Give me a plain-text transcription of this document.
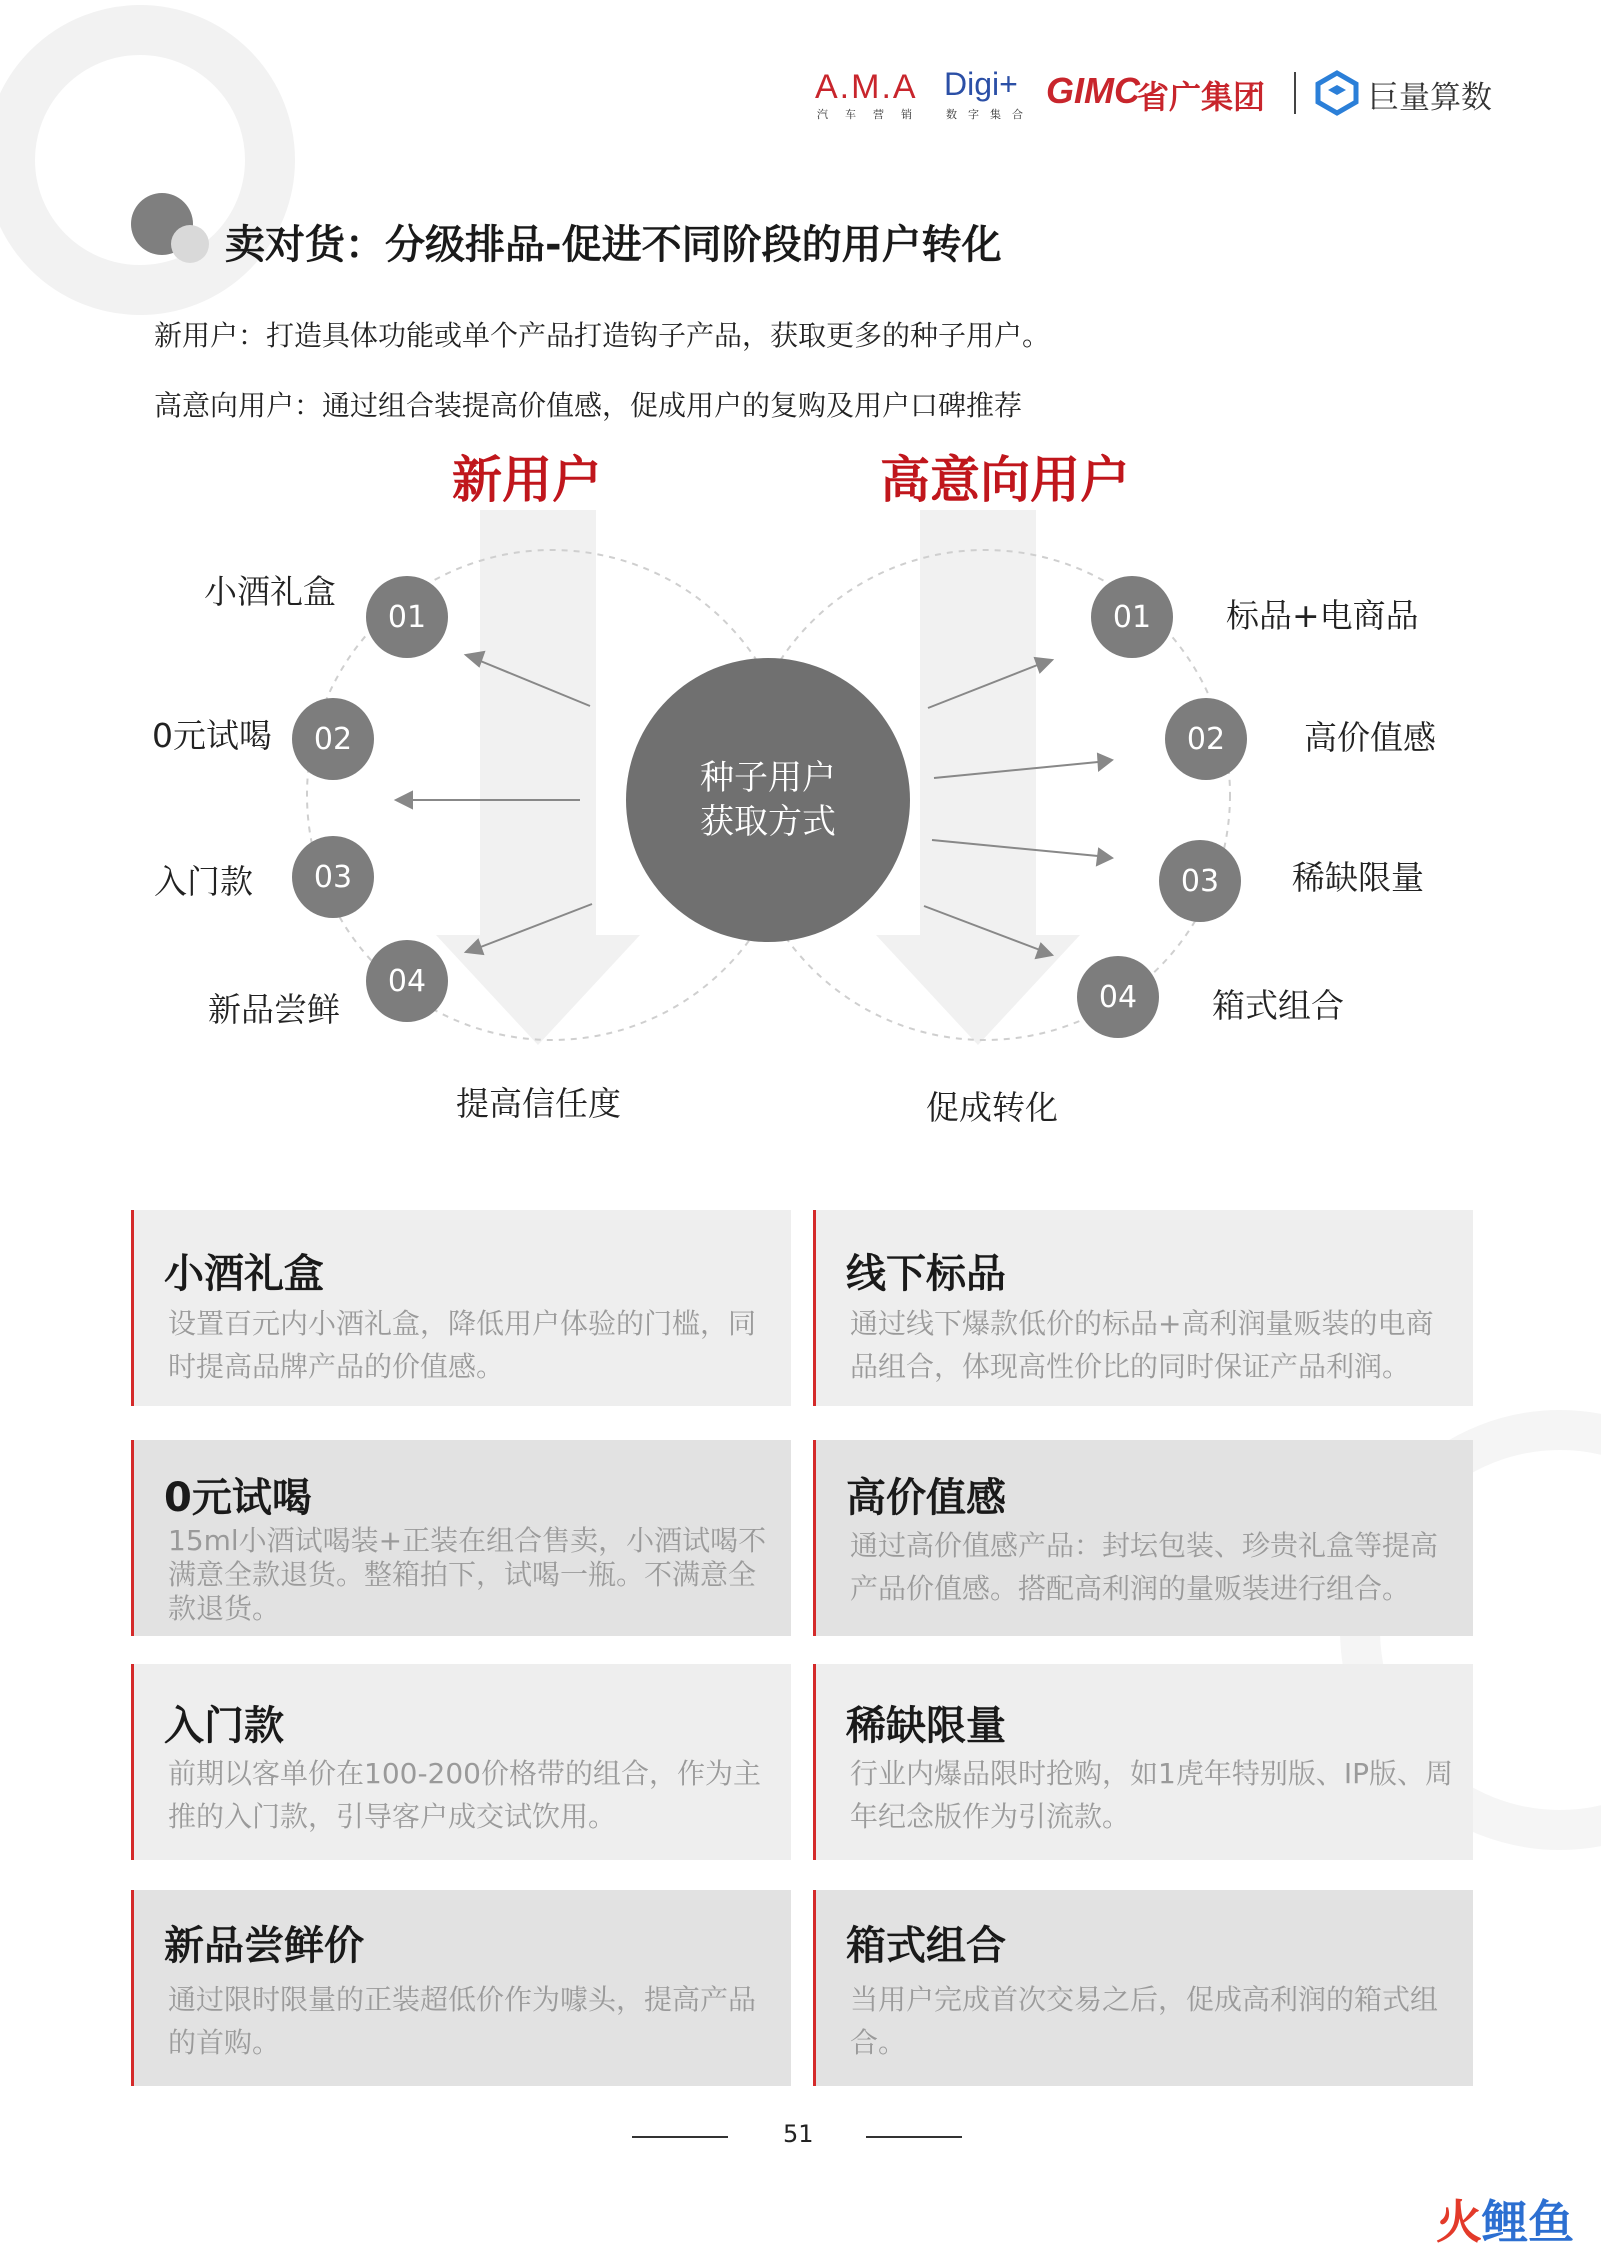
A.M.A
汽车营销
Digi+
数字集合
GIMC
省广集团	巨量算数
卖对货：分级排品-促进不同阶段的用户转化
新用户：打造具体功能或单个产品打造钩子产品，获取更多的种子用户。
高意向用户：通过组合装提高价值感，促成用户的复购及用户口碑推荐
新用户	高意向用户
种子用户
获取方式
01
02
03
04
小酒礼盒
0元试喝
入门款
新品尝鲜
01
02
03
04
标品+电商品
高价值感
稀缺限量
箱式组合
提高信任度	促成转化
小酒礼盒
设置百元内小酒礼盒，降低用户体验的门槛，同时提高品牌产品的价值感。
线下标品
通过线下爆款低价的标品+高利润量贩装的电商品组合，体现高性价比的同时保证产品利润。
0元试喝
15ml小酒试喝装+正装在组合售卖，小酒试喝不满意全款退货。整箱拍下，试喝一瓶。不满意全款退货。
高价值感
通过高价值感产品：封坛包装、珍贵礼盒等提高产品价值感。搭配高利润的量贩装进行组合。
入门款
前期以客单价在100-200价格带的组合，作为主推的入门款，引导客户成交试饮用。
稀缺限量
行业内爆品限时抢购，如1虎年特别版、IP版、周年纪念版作为引流款。
新品尝鲜价
通过限时限量的正装超低价作为噱头，提高产品的首购。
箱式组合
当用户完成首次交易之后，促成高利润的箱式组合。
51
火鲤鱼
